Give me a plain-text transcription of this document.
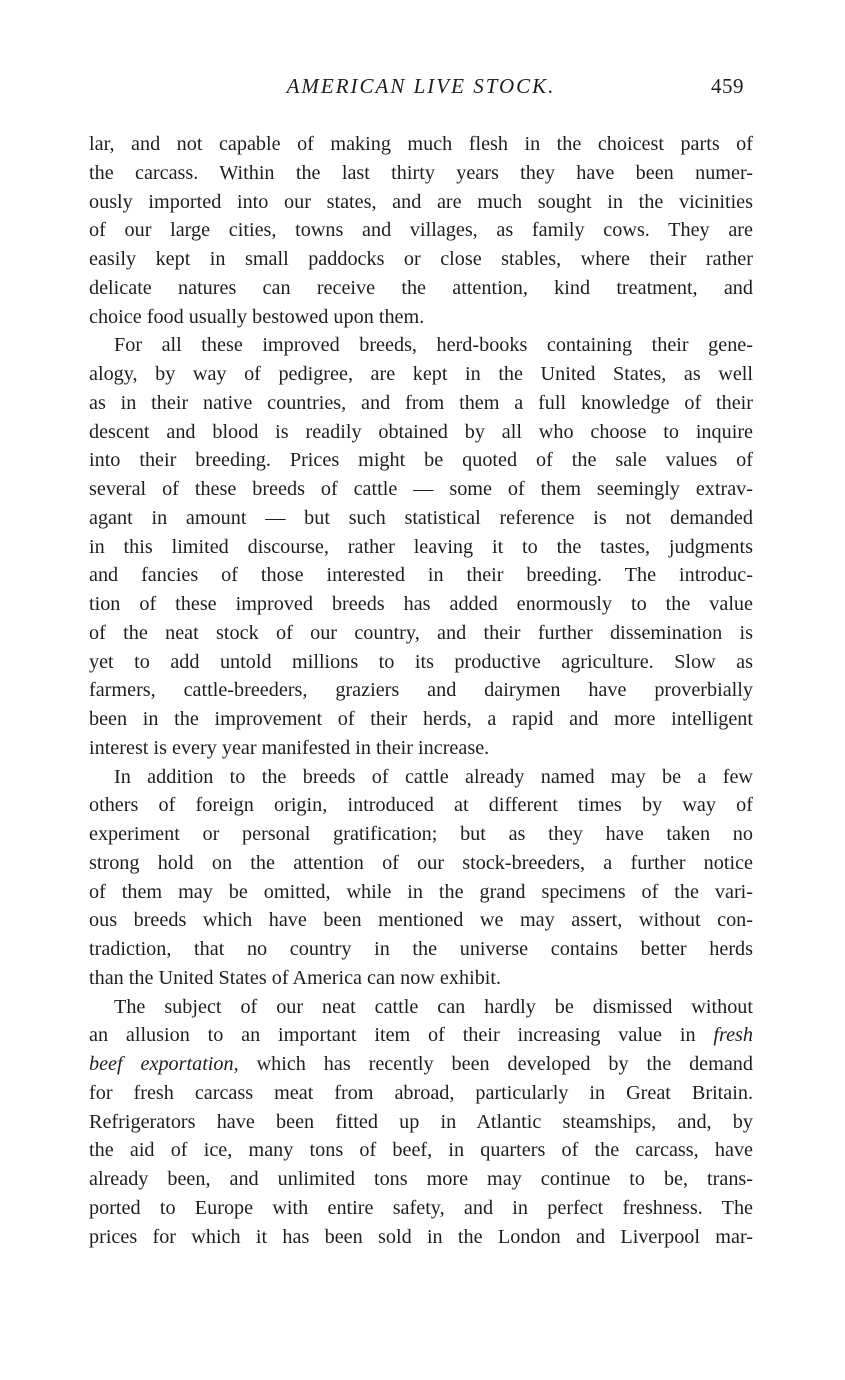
AMERICAN LIVE STOCK.	459

lar, and not capable of making much flesh in the choicest parts of
the carcass. Within the last thirty years they have been numer-
ously imported into our states, and are much sought in the vicinities
of our large cities, towns and villages, as family cows. They are
easily kept in small paddocks or close stables, where their rather
delicate natures can receive the attention, kind treatment, and
choice food usually bestowed upon them.

For all these improved breeds, herd-books containing their gene-
alogy, by way of pedigree, are kept in the United States, as well
as in their native countries, and from them a full knowledge of their
descent and blood is readily obtained by all who choose to inquire
into their breeding. Prices might be quoted of the sale values of
several of these breeds of cattle — some of them seemingly extrav-
agant in amount — but such statistical reference is not demanded
in this limited discourse, rather leaving it to the tastes, judgments
and fancies of those interested in their breeding. The introduc-
tion of these improved breeds has added enormously to the value
of the neat stock of our country, and their further dissemination is
yet to add untold millions to its productive agriculture. Slow as
farmers, cattle-breeders, graziers and dairymen have proverbially
been in the improvement of their herds, a rapid and more intelligent
interest is every year manifested in their increase.

In addition to the breeds of cattle already named may be a few
others of foreign origin, introduced at different times by way of
experiment or personal gratification; but as they have taken no
strong hold on the attention of our stock-breeders, a further notice
of them may be omitted, while in the grand specimens of the vari-
ous breeds which have been mentioned we may assert, without con-
tradiction, that no country in the universe contains better herds
than the United States of America can now exhibit.

The subject of our neat cattle can hardly be dismissed without
an allusion to an important item of their increasing value in fresh
beef exportation, which has recently been developed by the demand
for fresh carcass meat from abroad, particularly in Great Britain.
Refrigerators have been fitted up in Atlantic steamships, and, by
the aid of ice, many tons of beef, in quarters of the carcass, have
already been, and unlimited tons more may continue to be, trans-
ported to Europe with entire safety, and in perfect freshness. The
prices for which it has been sold in the London and Liverpool mar-
